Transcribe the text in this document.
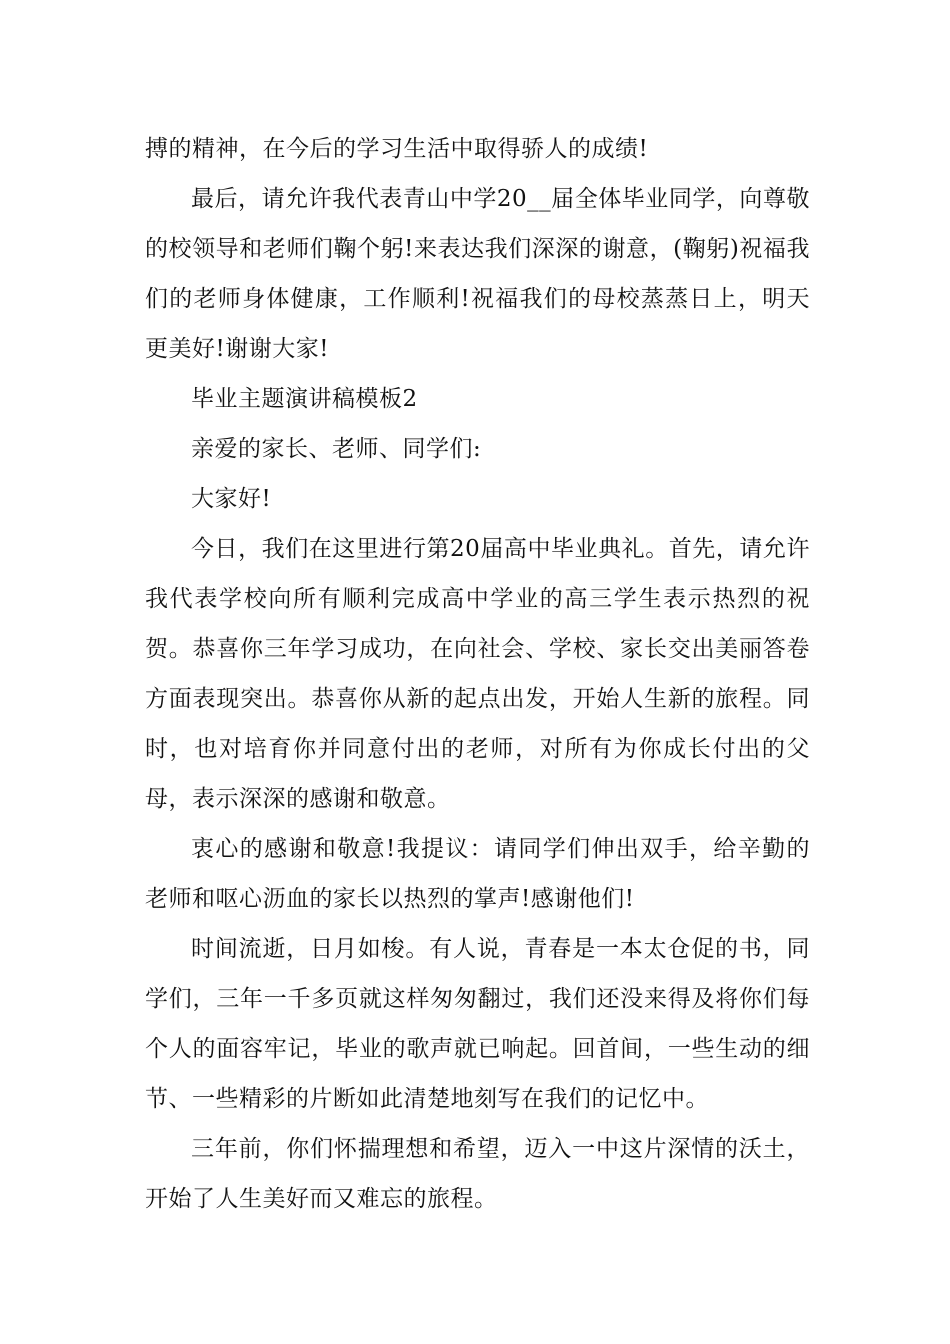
搏的精神，在今后的学习生活中取得骄人的成绩!

最后，请允许我代表青山中学20__届全体毕业同学，向尊敬的校领导和老师们鞠个躬!来表达我们深深的谢意，(鞠躬)祝福我们的老师身体健康，工作顺利!祝福我们的母校蒸蒸日上，明天更美好!谢谢大家!

毕业主题演讲稿模板2

亲爱的家长、老师、同学们:

大家好!

今日，我们在这里进行第20届高中毕业典礼。首先，请允许我代表学校向所有顺利完成高中学业的高三学生表示热烈的祝贺。恭喜你三年学习成功，在向社会、学校、家长交出美丽答卷方面表现突出。恭喜你从新的起点出发，开始人生新的旅程。同时，也对培育你并同意付出的老师，对所有为你成长付出的父母，表示深深的感谢和敬意。

衷心的感谢和敬意!我提议：请同学们伸出双手，给辛勤的老师和呕心沥血的家长以热烈的掌声!感谢他们!

时间流逝，日月如梭。有人说，青春是一本太仓促的书，同学们，三年一千多页就这样匆匆翻过，我们还没来得及将你们每个人的面容牢记，毕业的歌声就已响起。回首间，一些生动的细节、一些精彩的片断如此清楚地刻写在我们的记忆中。

三年前，你们怀揣理想和希望，迈入一中这片深情的沃土，开始了人生美好而又难忘的旅程。
